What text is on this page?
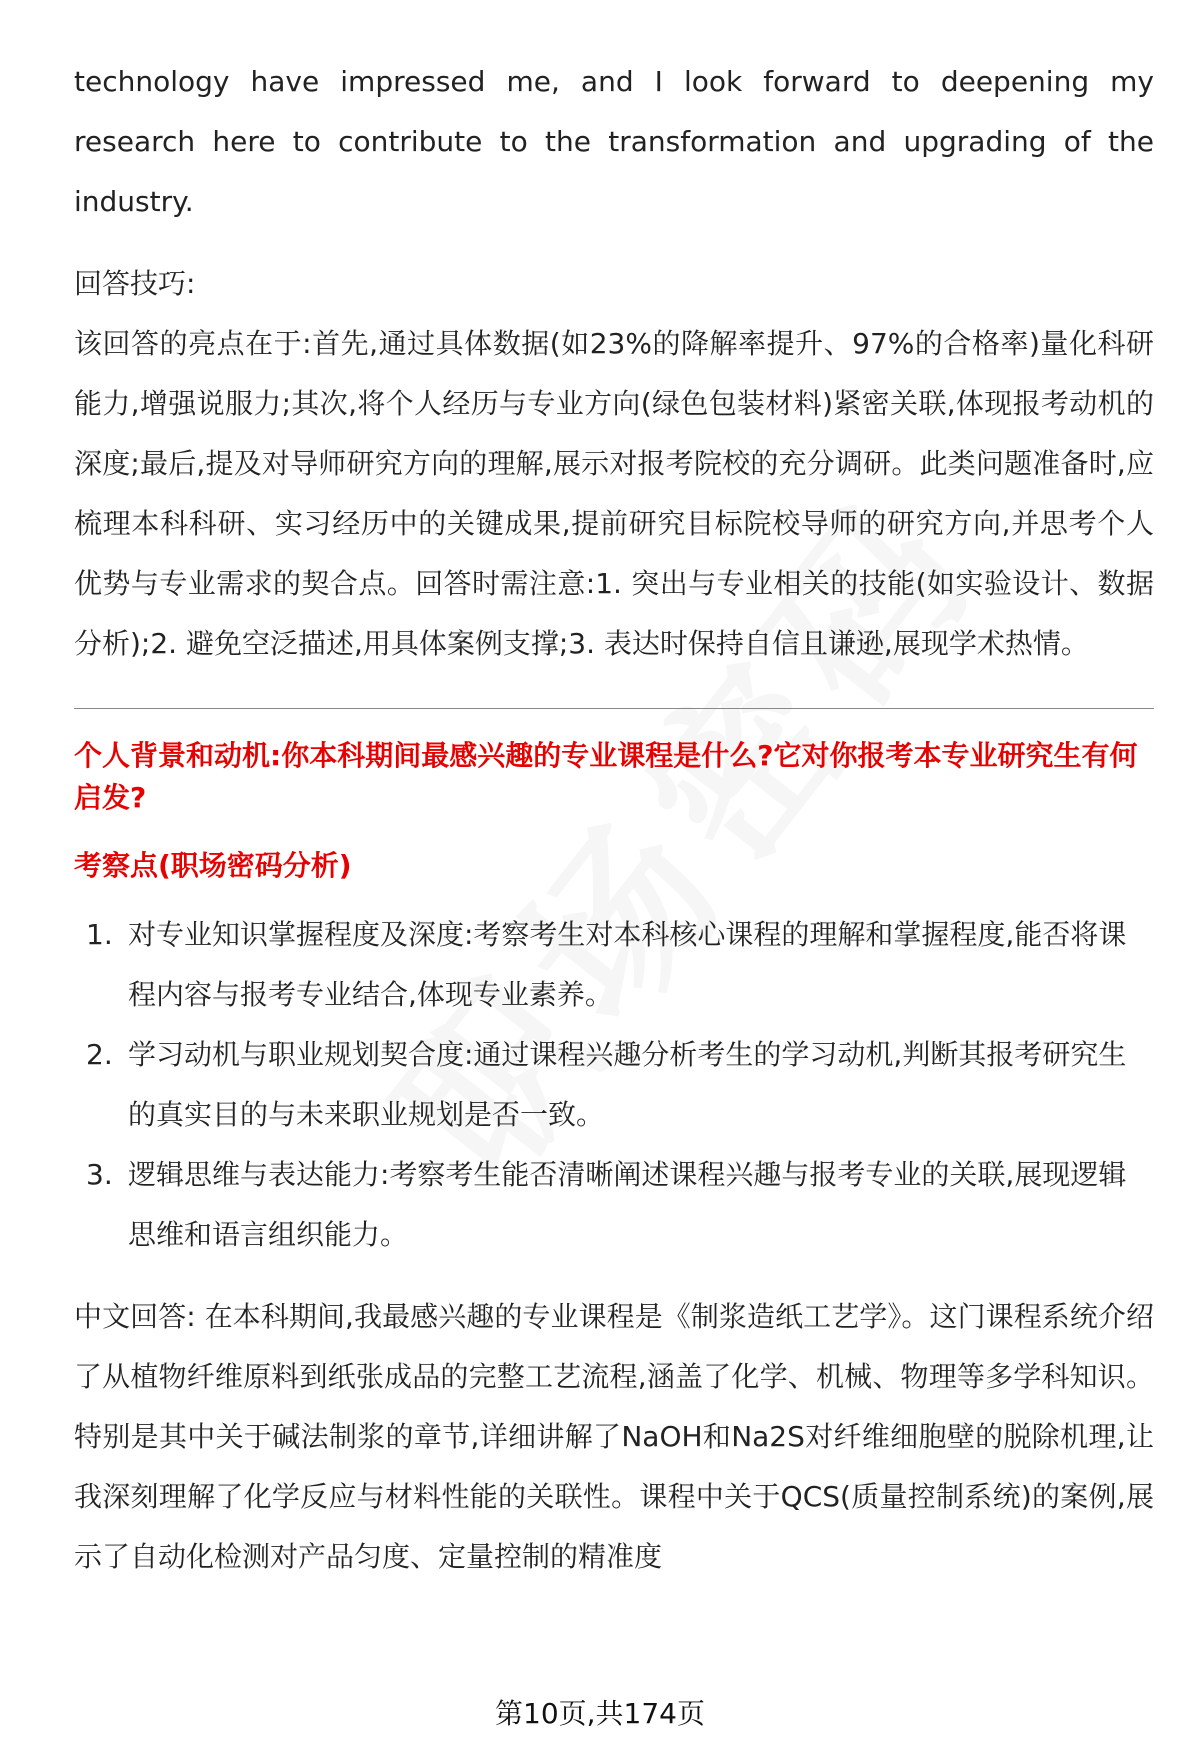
technology have impressed me, and I look forward to deepening my research here to contribute to the transformation and upgrading of the industry.

回答技巧:

该回答的亮点在于:首先,通过具体数据(如23%的降解率提升、97%的合格率)量化科研能力,增强说服力;其次,将个人经历与专业方向(绿色包装材料)紧密关联,体现报考动机的深度;最后,提及对导师研究方向的理解,展示对报考院校的充分调研。此类问题准备时,应梳理本科科研、实习经历中的关键成果,提前研究目标院校导师的研究方向,并思考个人优势与专业需求的契合点。回答时需注意:1. 突出与专业相关的技能(如实验设计、数据分析);2. 避免空泛描述,用具体案例支撑;3. 表达时保持自信且谦逊,展现学术热情。

个人背景和动机:你本科期间最感兴趣的专业课程是什么?它对你报考本专业研究生有何启发?

考察点(职场密码分析)

1. 对专业知识掌握程度及深度:考察考生对本科核心课程的理解和掌握程度,能否将课程内容与报考专业结合,体现专业素养。
2. 学习动机与职业规划契合度:通过课程兴趣分析考生的学习动机,判断其报考研究生的真实目的与未来职业规划是否一致。
3. 逻辑思维与表达能力:考察考生能否清晰阐述课程兴趣与报考专业的关联,展现逻辑思维和语言组织能力。

中文回答: 在本科期间,我最感兴趣的专业课程是《制浆造纸工艺学》。这门课程系统介绍了从植物纤维原料到纸张成品的完整工艺流程,涵盖了化学、机械、物理等多学科知识。特别是其中关于碱法制浆的章节,详细讲解了NaOH和Na2S对纤维细胞壁的脱除机理,让我深刻理解了化学反应与材料性能的关联性。课程中关于QCS(质量控制系统)的案例,展示了自动化检测对产品匀度、定量控制的精准度

第10页,共174页
